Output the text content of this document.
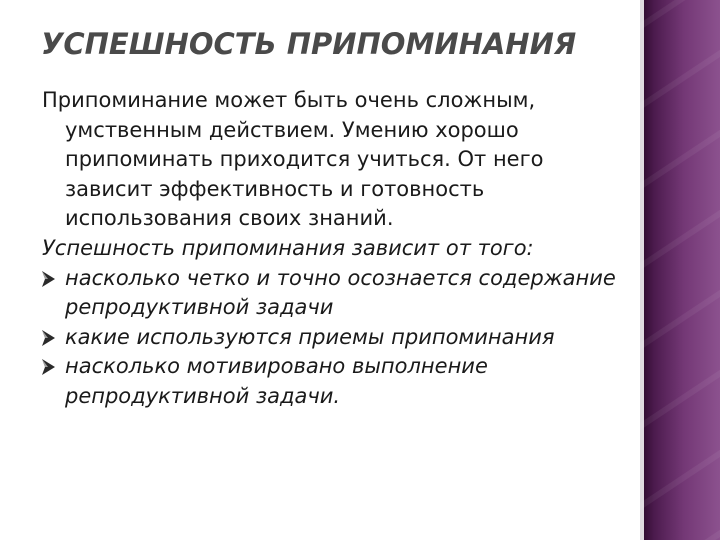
УСПЕШНОСТЬ ПРИПОМИНАНИЯ

Припоминание может быть очень сложным, умственным действием. Умению хорошо припоминать приходится учиться. От него зависит эффективность и готовность использования своих знаний.

Успешность припоминания зависит от того:

насколько четко и точно осознается содержание репродуктивной задачи
какие используются приемы припоминания
насколько мотивировано выполнение репродуктивной задачи.
